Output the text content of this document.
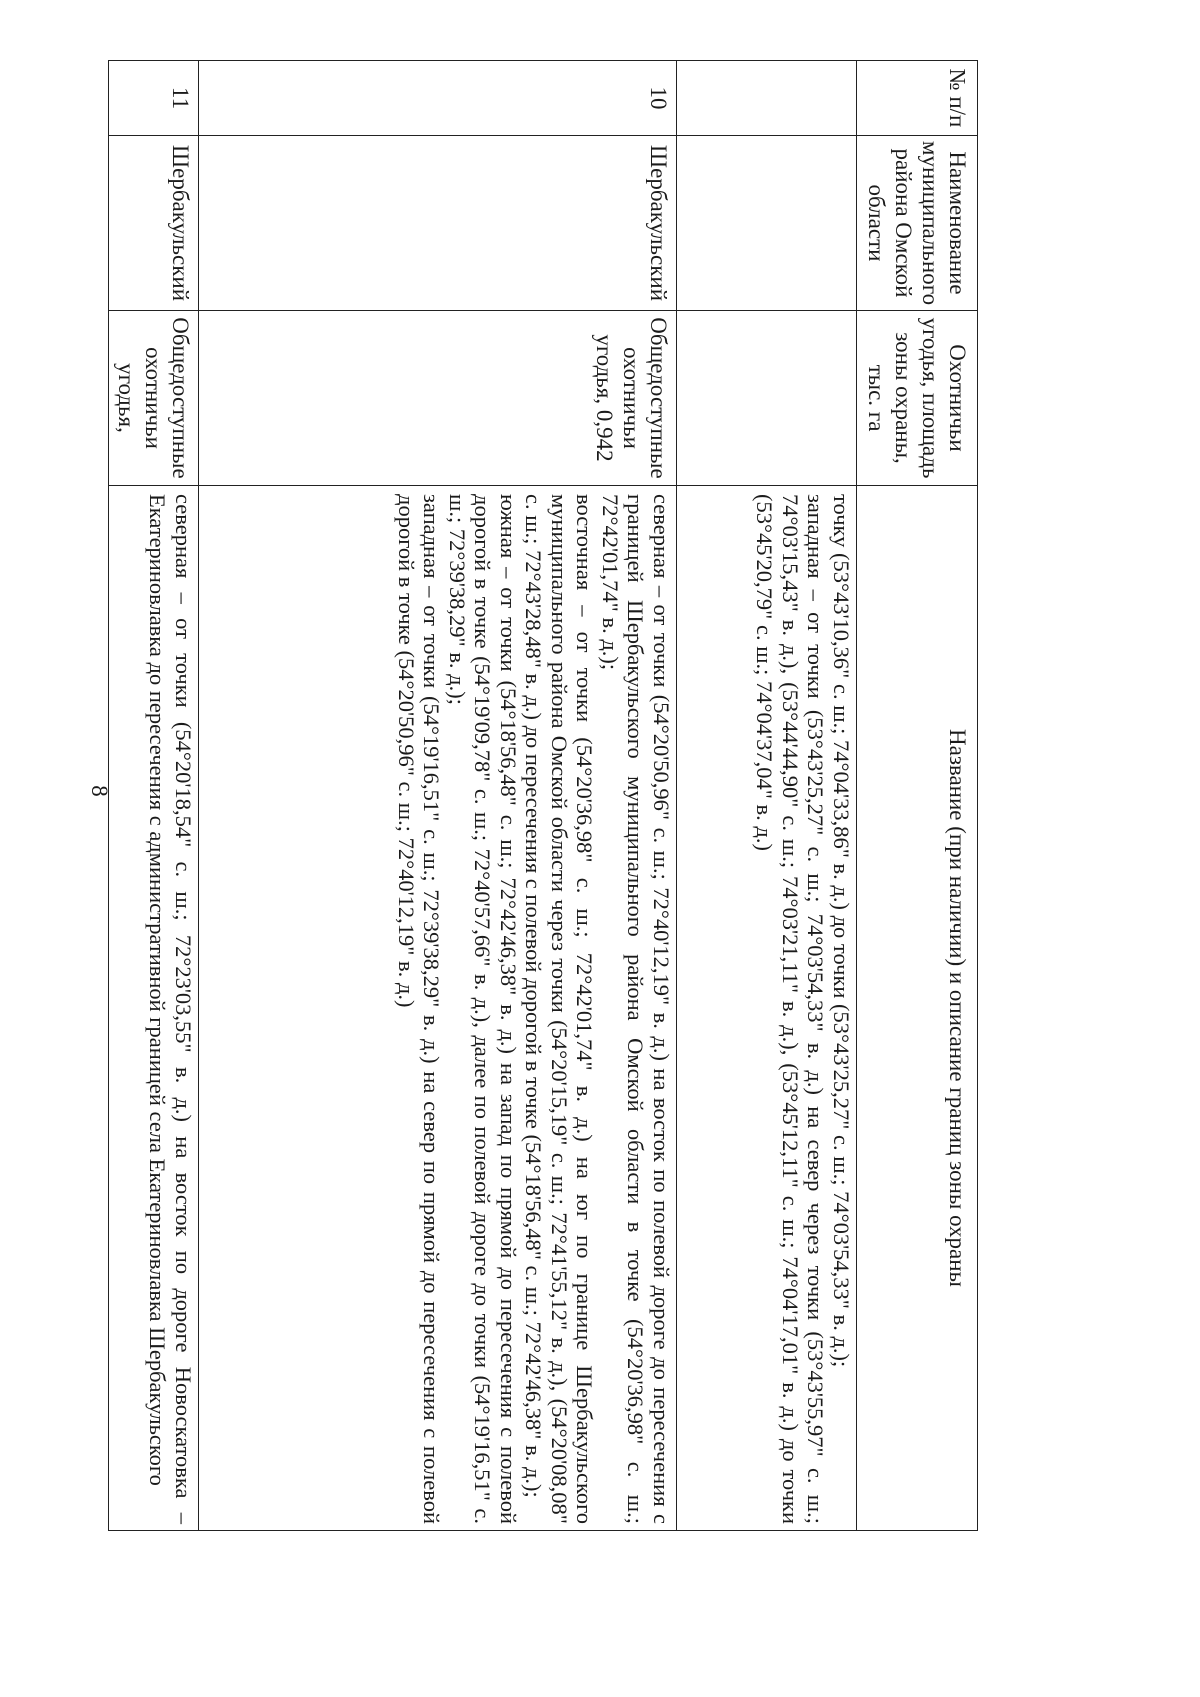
8
№ п/п	Наименование муниципального района Омской области	Охотничьи угодья, площадь зоны охраны, тыс. га	Название (при наличии) и описание границ зоны охраны

			точку (53°43'10,36" с. ш.; 74°04'33,86" в. д.) до точки (53°43'25,27" с. ш.; 74°03'54,33" в. д.);

западная – от точки (53°43'25,27" с. ш.; 74°03'54,33" в. д.) на север через точки (53°43'55,97" с. ш.; 74°03'15,43" в. д.), (53°44'44,90" с. ш.; 74°03'21,11" в. д.), (53°45'12,11" с. ш.; 74°04'17,01" в. д.) до точки (53°45'20,79" с. ш.; 74°04'37,04" в. д.)

10	Шербакульский	Общедоступные охотничьи угодья, 0,942	северная – от точки (54°20'50,96" с. ш.; 72°40'12,19" в. д.) на восток по полевой дороге до пересечения с границей Шербакульского муниципального района Омской области в точке (54°20'36,98" с. ш.; 72°42'01,74" в. д.);

восточная – от точки (54°20'36,98" с. ш.; 72°42'01,74" в. д.) на юг по границе Шербакульского муниципального района Омской области через точки (54°20'15,19" с. ш.; 72°41'55,12" в. д.), (54°20'08,08" с. ш.; 72°43'28,48" в. д.) до пересечения с полевой дорогой в точке (54°18'56,48" с. ш.; 72°42'46,38" в. д.);

южная – от точки (54°18'56,48" с. ш.; 72°42'46,38" в. д.) на запад по прямой до пересечения с полевой дорогой в точке (54°19'09,78" с. ш.; 72°40'57,66" в. д.), далее по полевой дороге до точки (54°19'16,51" с. ш.; 72°39'38,29" в. д.);

западная – от точки (54°19'16,51" с. ш.; 72°39'38,29" в. д.) на север по прямой до пересечения с полевой дорогой в точке (54°20'50,96" с. ш.; 72°40'12,19" в. д.)

11	Шербакульский	Общедоступные охотничьи угодья,	северная – от точки (54°20'18,54" с. ш.; 72°23'03,55" в. д.) на восток по дороге Новоскатовка – Екатериновлавка до пересечения с административной границей села Екатериновлавка Шербакульского
